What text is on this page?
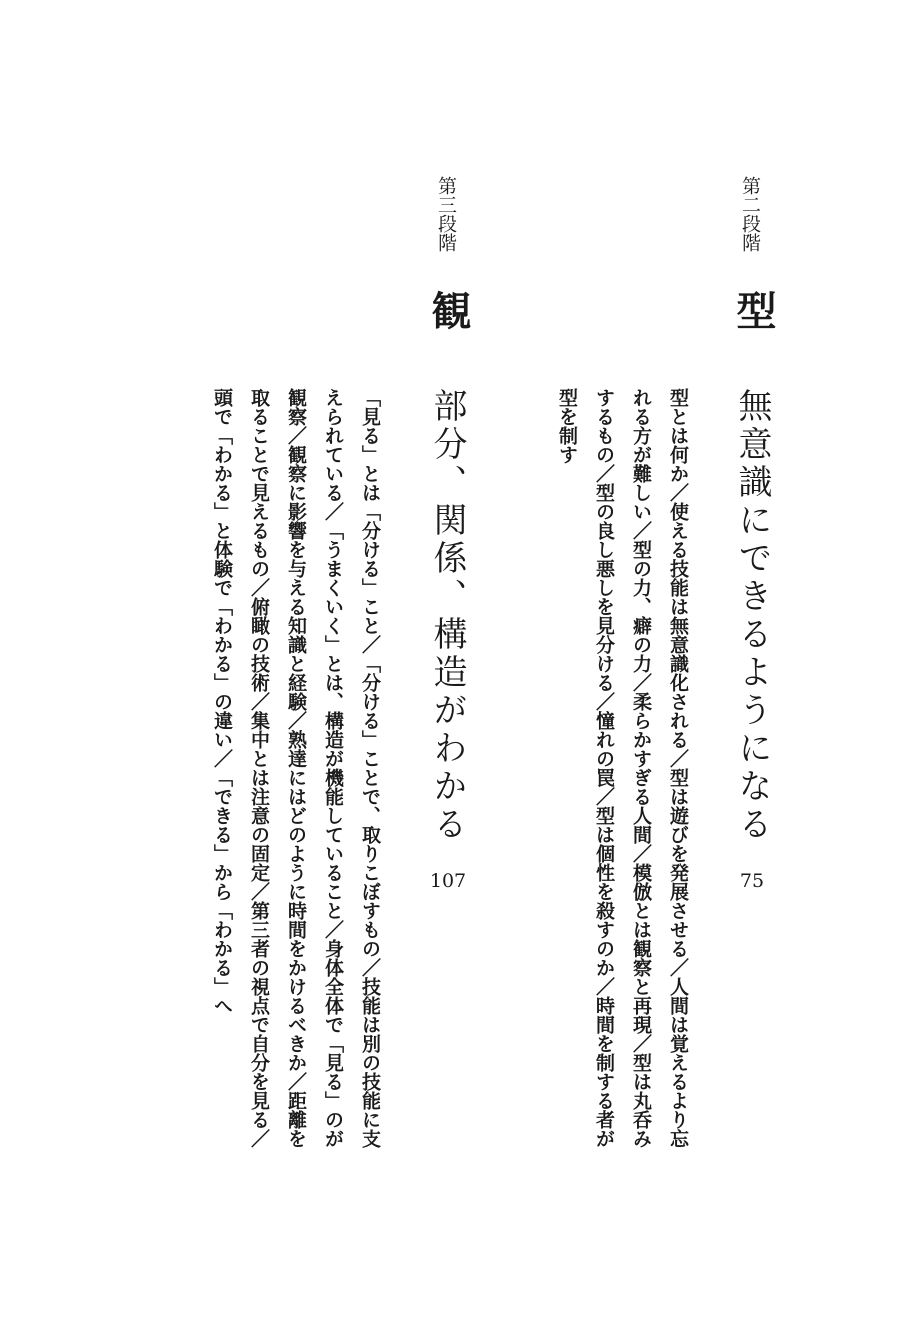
第二段階
型
無意識にできるようになる
75
型とは何か／使える技能は無意識化される／型は遊びを発展させる／人間は覚えるより忘れる方が難しい／型の力、癖の力／柔らかすぎる人間／模倣とは観察と再現／型は丸呑みするもの／型の良し悪しを見分ける／憧れの罠／型は個性を殺すのか／時間を制する者が型を制す
第三段階
観
部分、関係、構造がわかる
107
「見る」とは「分ける」こと／「分ける」ことで、取りこぼすもの／技能は別の技能に支えられている／「うまくいく」とは、構造が機能していること／身体全体で「見る」のが観察／観察に影響を与える知識と経験／熟達にはどのように時間をかけるべきか／距離を取ることで見えるもの／俯瞰の技術／集中とは注意の固定／第三者の視点で自分を見る／頭で「わかる」と体験で「わかる」の違い／「できる」から「わかる」へ
